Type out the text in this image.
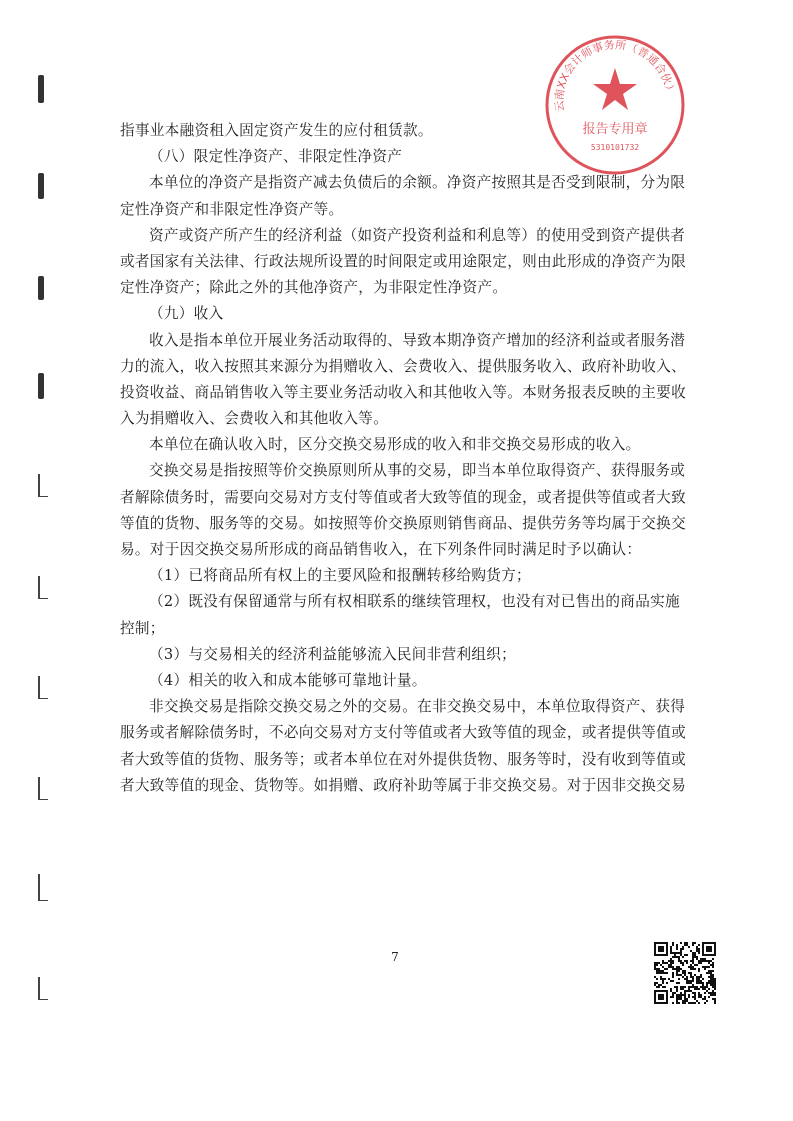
云南XX会计师事务所（普通合伙）
报告专用章
5310101732
指事业本融资租入固定资产发生的应付租赁款。
（八）限定性净资产、非限定性净资产
本单位的净资产是指资产减去负债后的余额。净资产按照其是否受到限制，分为限
定性净资产和非限定性净资产等。
资产或资产所产生的经济利益（如资产投资利益和利息等）的使用受到资产提供者
或者国家有关法律、行政法规所设置的时间限定或用途限定，则由此形成的净资产为限
定性净资产；除此之外的其他净资产，为非限定性净资产。
（九）收入
收入是指本单位开展业务活动取得的、导致本期净资产增加的经济利益或者服务潜
力的流入，收入按照其来源分为捐赠收入、会费收入、提供服务收入、政府补助收入、
投资收益、商品销售收入等主要业务活动收入和其他收入等。本财务报表反映的主要收
入为捐赠收入、会费收入和其他收入等。
本单位在确认收入时，区分交换交易形成的收入和非交换交易形成的收入。
交换交易是指按照等价交换原则所从事的交易，即当本单位取得资产、获得服务或
者解除债务时，需要向交易对方支付等值或者大致等值的现金，或者提供等值或者大致
等值的货物、服务等的交易。如按照等价交换原则销售商品、提供劳务等均属于交换交
易。对于因交换交易所形成的商品销售收入，在下列条件同时满足时予以确认：
（1）已将商品所有权上的主要风险和报酬转移给购货方；
（2）既没有保留通常与所有权相联系的继续管理权，也没有对已售出的商品实施
控制；
（3）与交易相关的经济利益能够流入民间非营利组织；
（4）相关的收入和成本能够可靠地计量。
非交换交易是指除交换交易之外的交易。在非交换交易中，本单位取得资产、获得
服务或者解除债务时，不必向交易对方支付等值或者大致等值的现金，或者提供等值或
者大致等值的货物、服务等；或者本单位在对外提供货物、服务等时，没有收到等值或
者大致等值的现金、货物等。如捐赠、政府补助等属于非交换交易。对于因非交换交易
7
